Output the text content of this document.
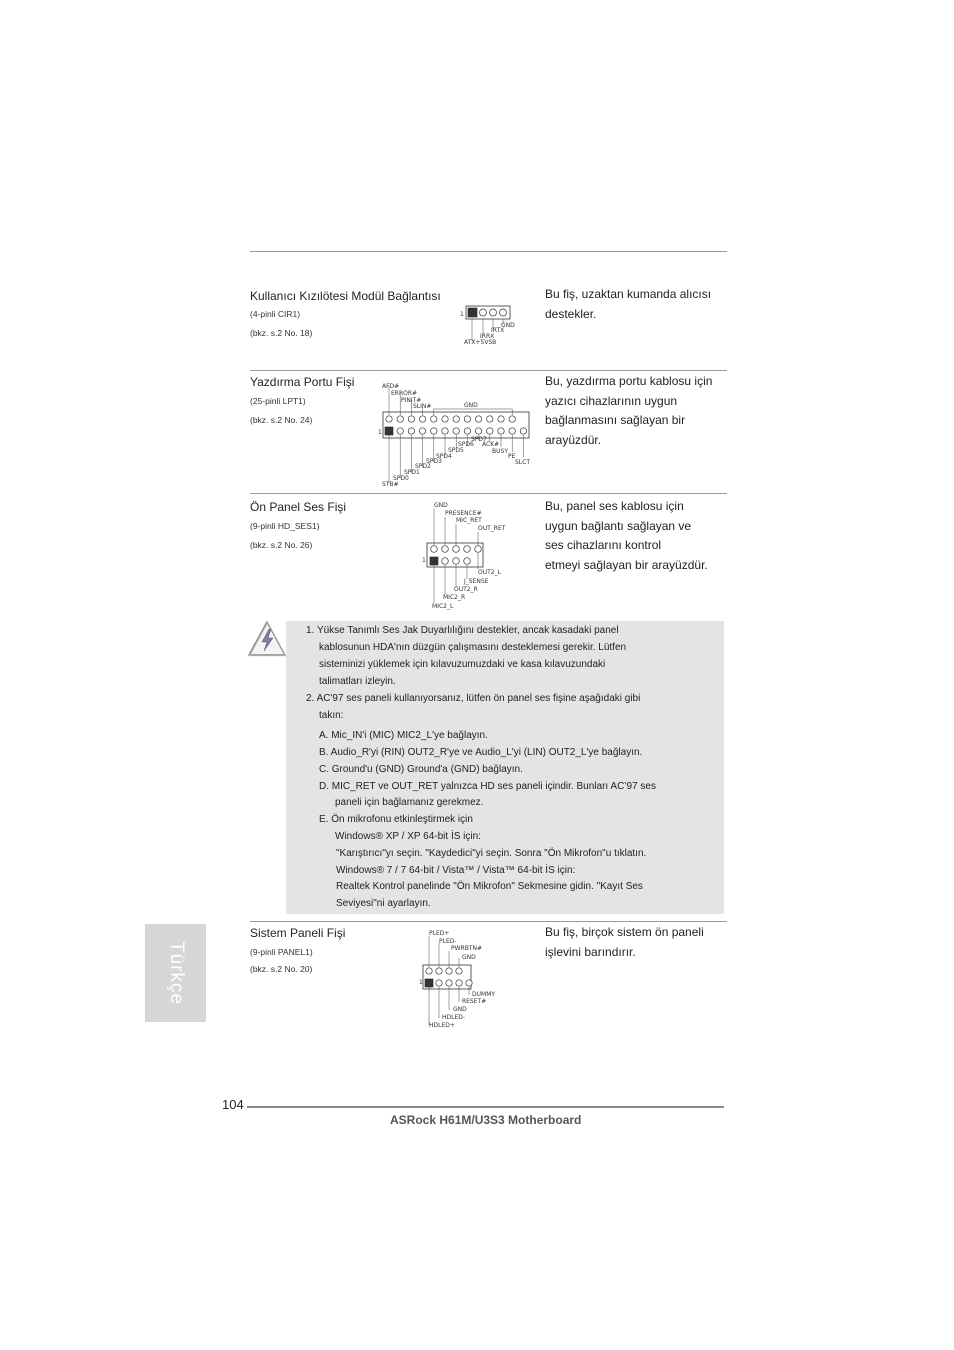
Kullanıcı Kızılötesi Modül Bağlantısı
(4-pinli CIR1)
(bkz. s.2 No. 18)
Bu fiş, uzaktan kumanda alıcısı
destekler.
1
GND
IRTX
IRRX
ATX+5VSB
Yazdırma Portu Fişi
(25-pinli LPT1)
(bkz. s.2 No. 24)
Bu, yazdırma portu kablosu için
yazıcı cihazlarının uygun
bağlanmasını sağlayan bir
arayüzdür.
1
AFD#
ERROR#
PINIT#
SLIN#	GND
SPD7
ACK#
BUSY
PE
SLCT
SPD6
SPD5
SPD4
SPD3
SPD2
SPD1
SPD0
STB#
Ön Panel Ses Fişi
(9-pinli HD_SES1)
(bkz. s.2 No. 26)
Bu, panel ses kablosu için
uygun bağlantı sağlayan ve
ses cihazlarını kontrol
etmeyi sağlayan bir arayüzdür.
1
GND
PRESENCE#
MIC_RET
OUT_RET
OUT2_L
J_SENSE
OUT2_R
MIC2_R
MIC2_L
1. Yükse Tanımlı Ses Jak Duyarlılığını destekler, ancak kasadaki panel
kablosunun HDA'nın düzgün çalışmasını desteklemesi gerekir. Lütfen
sisteminizi yüklemek için kılavuzumuzdaki ve kasa kılavuzundaki
talimatları izleyin.
2. AC'97 ses paneli kullanıyorsanız, lütfen ön panel ses fişine aşağıdaki gibi
takın:
A. Mic_IN'i (MIC) MIC2_L'ye bağlayın.
B. Audio_R'yi (RIN) OUT2_R'ye ve Audio_L'yi (LIN) OUT2_L'ye bağlayın.
C. Ground'u (GND) Ground'a (GND) bağlayın.
D. MIC_RET ve OUT_RET yalnızca HD ses paneli içindir. Bunları AC’97 ses
paneli için bağlamanız gerekmez.
E. Ön mikrofonu etkinleştirmek için
Windows® XP / XP 64-bit İS için:
"Karıştırıcı"yı seçin. "Kaydedici"yi seçin. Sonra "Ön Mikrofon"u tıklatın.
Windows® 7 / 7 64-bit / Vista™ / Vista™ 64-bit İS için:
Realtek Kontrol panelinde "Ön Mikrofon" Sekmesine gidin. "Kayıt Ses
Seviyesi"ni ayarlayın.
Sistem Paneli Fişi
(9-pinli PANEL1)
(bkz. s.2 No. 20)
Bu fiş, birçok sistem ön paneli
işlevini barındırır.
1
PLED+
PLED-
PWRBTN#
GND
DUMMY
RESET#
GND
HDLED-
HDLED+
Türkçe
104
ASRock H61M/U3S3 Motherboard
